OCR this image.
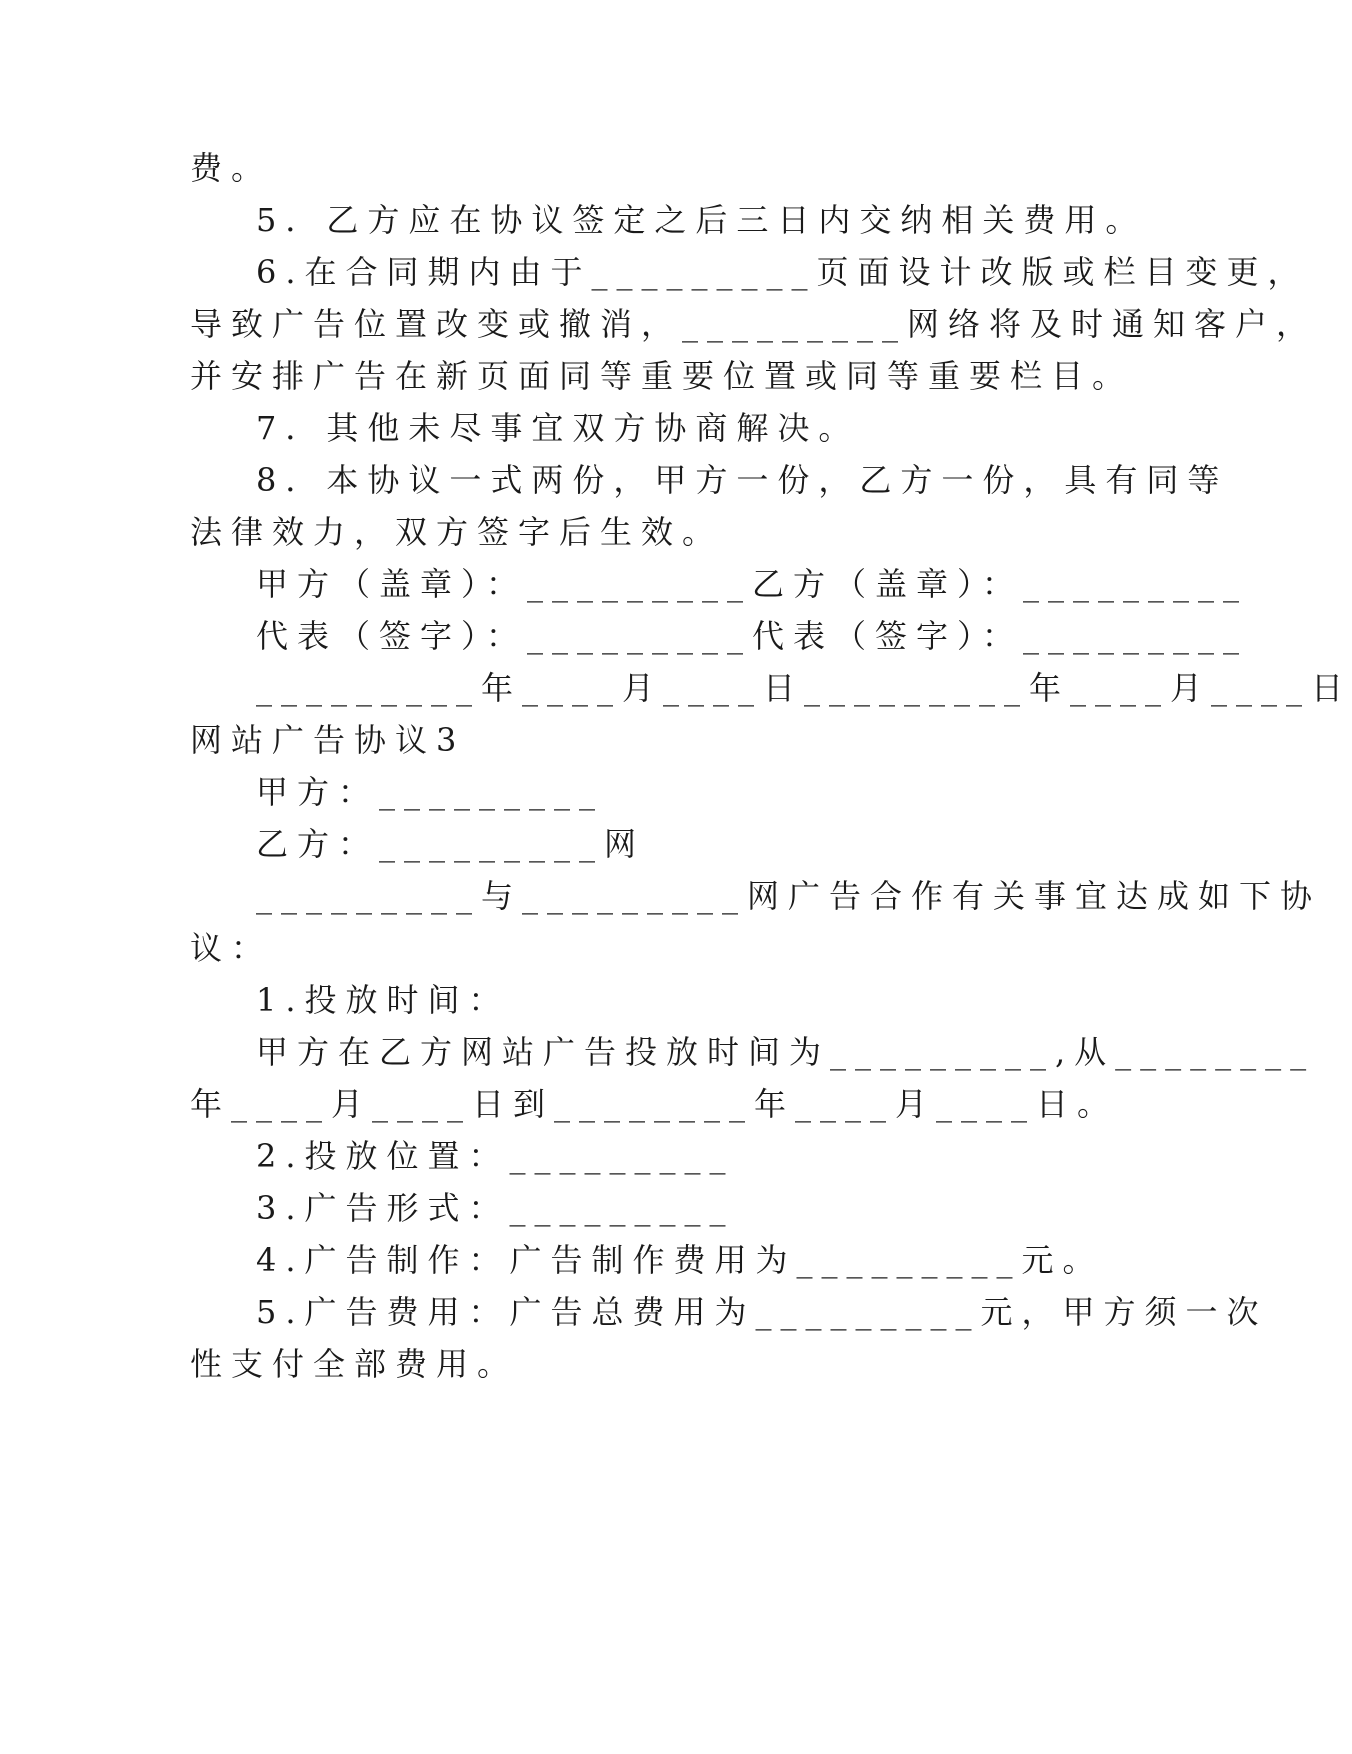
费。
5．乙方应在协议签定之后三日内交纳相关费用。
6.在合同期内由于_________页面设计改版或栏目变更，
导致广告位置改变或撤消，_________网络将及时通知客户，
并安排广告在新页面同等重要位置或同等重要栏目。
7．其他未尽事宜双方协商解决。
8．本协议一式两份，甲方一份，乙方一份，具有同等
法律效力，双方签字后生效。
甲方（盖章）：_________乙方（盖章）：_________
代表（签字）：_________代表（签字）：_________
_________年____月____日_________年____月____日
网站广告协议3
甲方：_________
乙方：_________网
_________与_________网广告合作有关事宜达成如下协
议：
1.投放时间：
甲方在乙方网站广告投放时间为_________,从________
年____月____日到________年____月____日。
2.投放位置：_________
3.广告形式：_________
4.广告制作：广告制作费用为_________元。
5.广告费用：广告总费用为_________元，甲方须一次
性支付全部费用。
